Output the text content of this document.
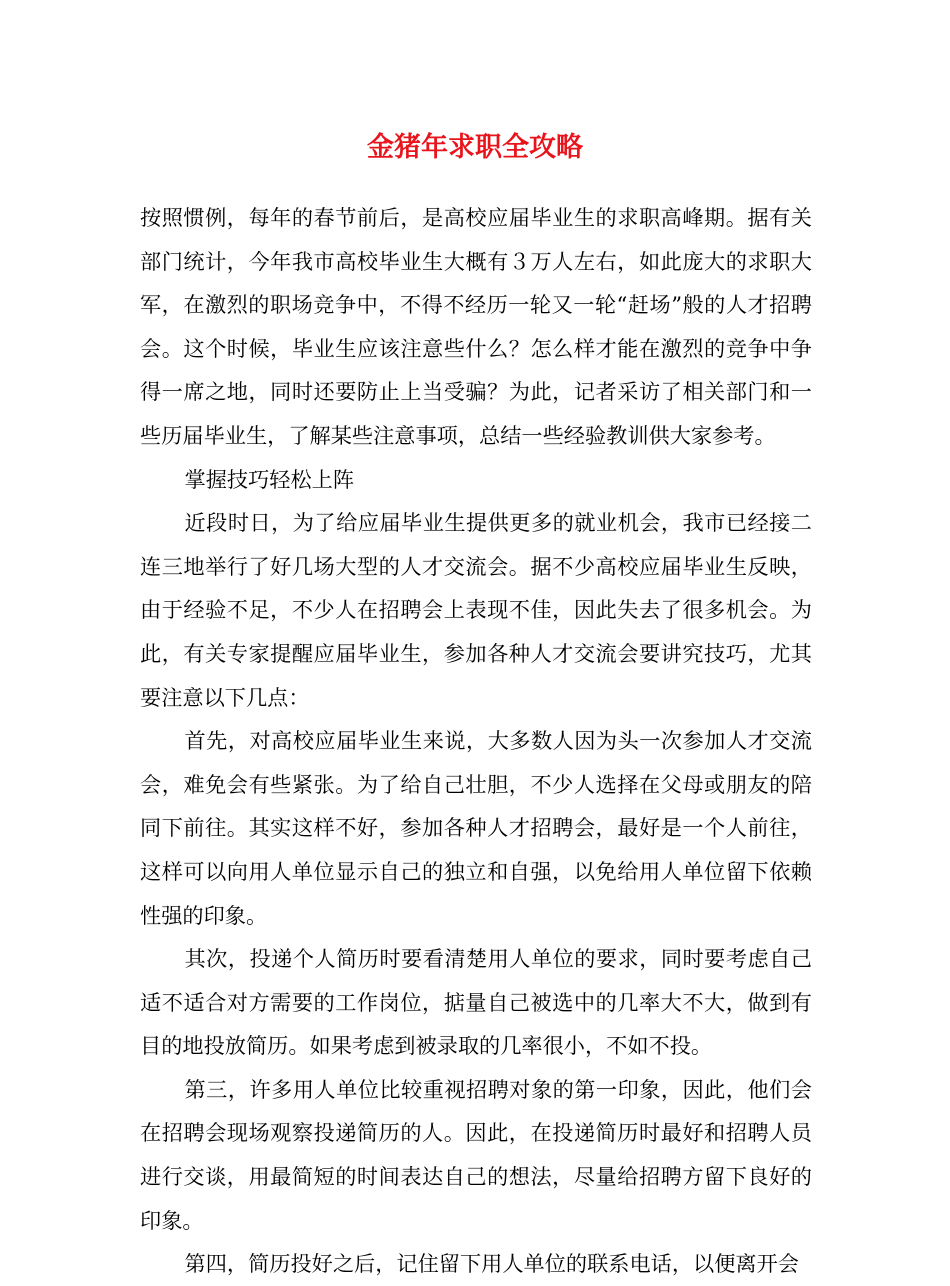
金猪年求职全攻略

按照惯例，每年的春节前后，是高校应届毕业生的求职高峰期。据有关部门统计，今年我市高校毕业生大概有３万人左右，如此庞大的求职大军，在激烈的职场竞争中，不得不经历一轮又一轮“赶场”般的人才招聘会。这个时候，毕业生应该注意些什么？怎么样才能在激烈的竞争中争得一席之地，同时还要防止上当受骗？为此，记者采访了相关部门和一些历届毕业生，了解某些注意事项，总结一些经验教训供大家参考。

掌握技巧轻松上阵

近段时日，为了给应届毕业生提供更多的就业机会，我市已经接二连三地举行了好几场大型的人才交流会。据不少高校应届毕业生反映，由于经验不足，不少人在招聘会上表现不佳，因此失去了很多机会。为此，有关专家提醒应届毕业生，参加各种人才交流会要讲究技巧，尤其要注意以下几点：

首先，对高校应届毕业生来说，大多数人因为头一次参加人才交流会，难免会有些紧张。为了给自己壮胆，不少人选择在父母或朋友的陪同下前往。其实这样不好，参加各种人才招聘会，最好是一个人前往，这样可以向用人单位显示自己的独立和自强，以免给用人单位留下依赖性强的印象。

其次，投递个人简历时要看清楚用人单位的要求，同时要考虑自己适不适合对方需要的工作岗位，掂量自己被选中的几率大不大，做到有目的地投放简历。如果考虑到被录取的几率很小，不如不投。

第三，许多用人单位比较重视招聘对象的第一印象，因此，他们会在招聘会现场观察投递简历的人。因此，在投递简历时最好和招聘人员进行交谈，用最简短的时间表达自己的想法，尽量给招聘方留下良好的印象。

第四，简历投好之后，记住留下用人单位的联系电话，以便离开会
